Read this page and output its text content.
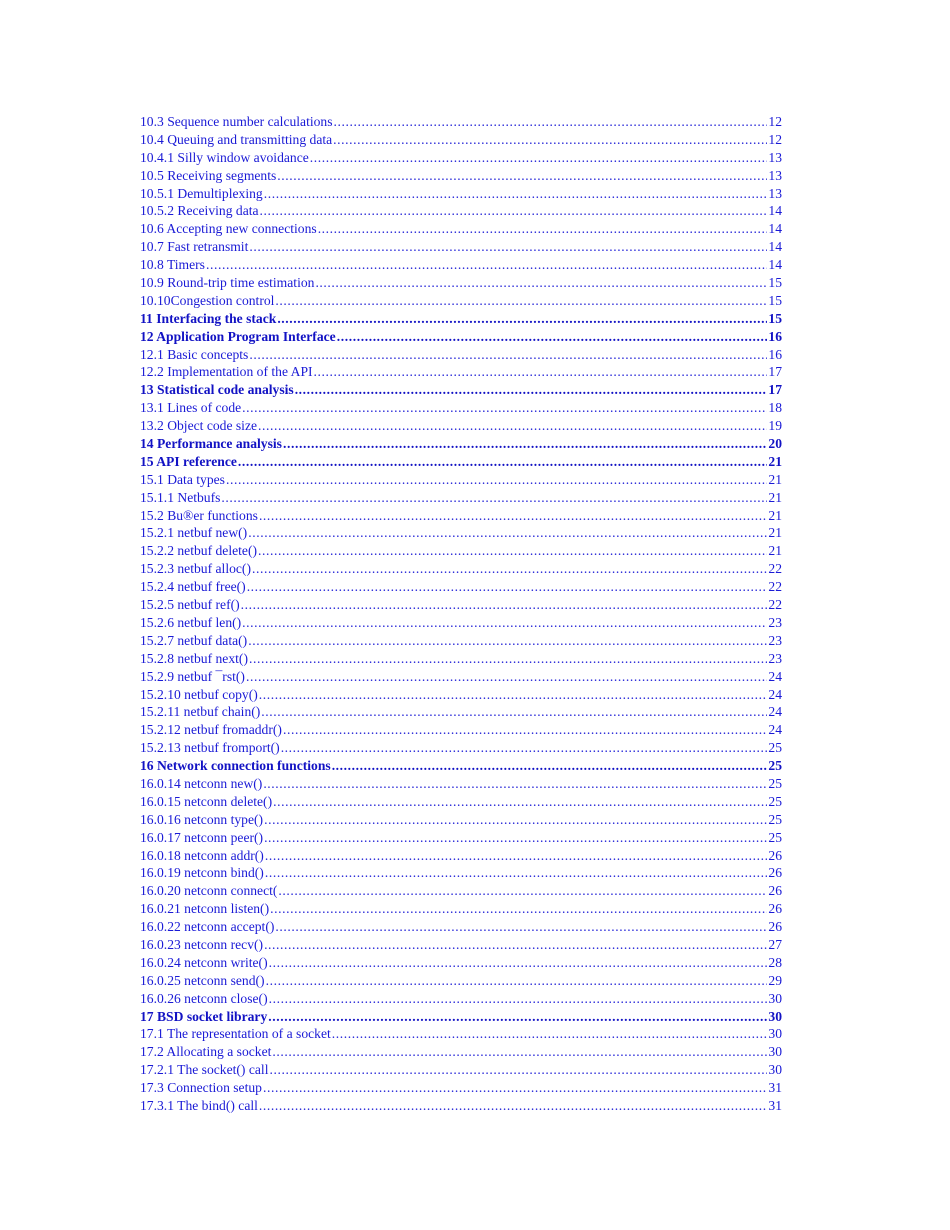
10.3 Sequence number calculations .....	12
10.4 Queuing and transmitting data .....	12
10.4.1 Silly window avoidance .....	13
10.5 Receiving segments .....	13
10.5.1 Demultiplexing .....	13
10.5.2 Receiving data .....	14
10.6 Accepting new connections .....	14
10.7 Fast retransmit .....	14
10.8 Timers .....	14
10.9 Round-trip time estimation .....	15
10.10Congestion control .....	15
11 Interfacing the stack .....	15
12 Application Program Interface .....	16
12.1 Basic concepts .....	16
12.2 Implementation of the API .....	17
13 Statistical code analysis .....	17
13.1 Lines of code .....	18
13.2 Object code size .....	19
14 Performance analysis .....	20
15 API reference .....	21
15.1 Data types .....	21
15.1.1 Netbufs .....	21
15.2 Bu®er functions .....	21
15.2.1 netbuf new() .....	21
15.2.2 netbuf delete() .....	21
15.2.3 netbuf alloc() .....	22
15.2.4 netbuf free() .....	22
15.2.5 netbuf ref() .....	22
15.2.6 netbuf len() .....	23
15.2.7 netbuf data() .....	23
15.2.8 netbuf next() .....	23
15.2.9 netbuf ¯rst() .....	24
15.2.10 netbuf copy() .....	24
15.2.11 netbuf chain() .....	24
15.2.12 netbuf fromaddr() .....	24
15.2.13 netbuf fromport() .....	25
16 Network connection functions .....	25
16.0.14 netconn new() .....	25
16.0.15 netconn delete() .....	25
16.0.16 netconn type() .....	25
16.0.17 netconn peer() .....	25
16.0.18 netconn addr() .....	26
16.0.19 netconn bind() .....	26
16.0.20 netconn connect( .....	26
16.0.21 netconn listen() .....	26
16.0.22 netconn accept() .....	26
16.0.23 netconn recv() .....	27
16.0.24 netconn write() .....	28
16.0.25 netconn send() .....	29
16.0.26 netconn close() .....	30
17 BSD socket library .....	30
17.1 The representation of a socket .....	30
17.2 Allocating a socket .....	30
17.2.1 The socket() call .....	30
17.3 Connection setup .....	31
17.3.1 The bind() call .....	31
